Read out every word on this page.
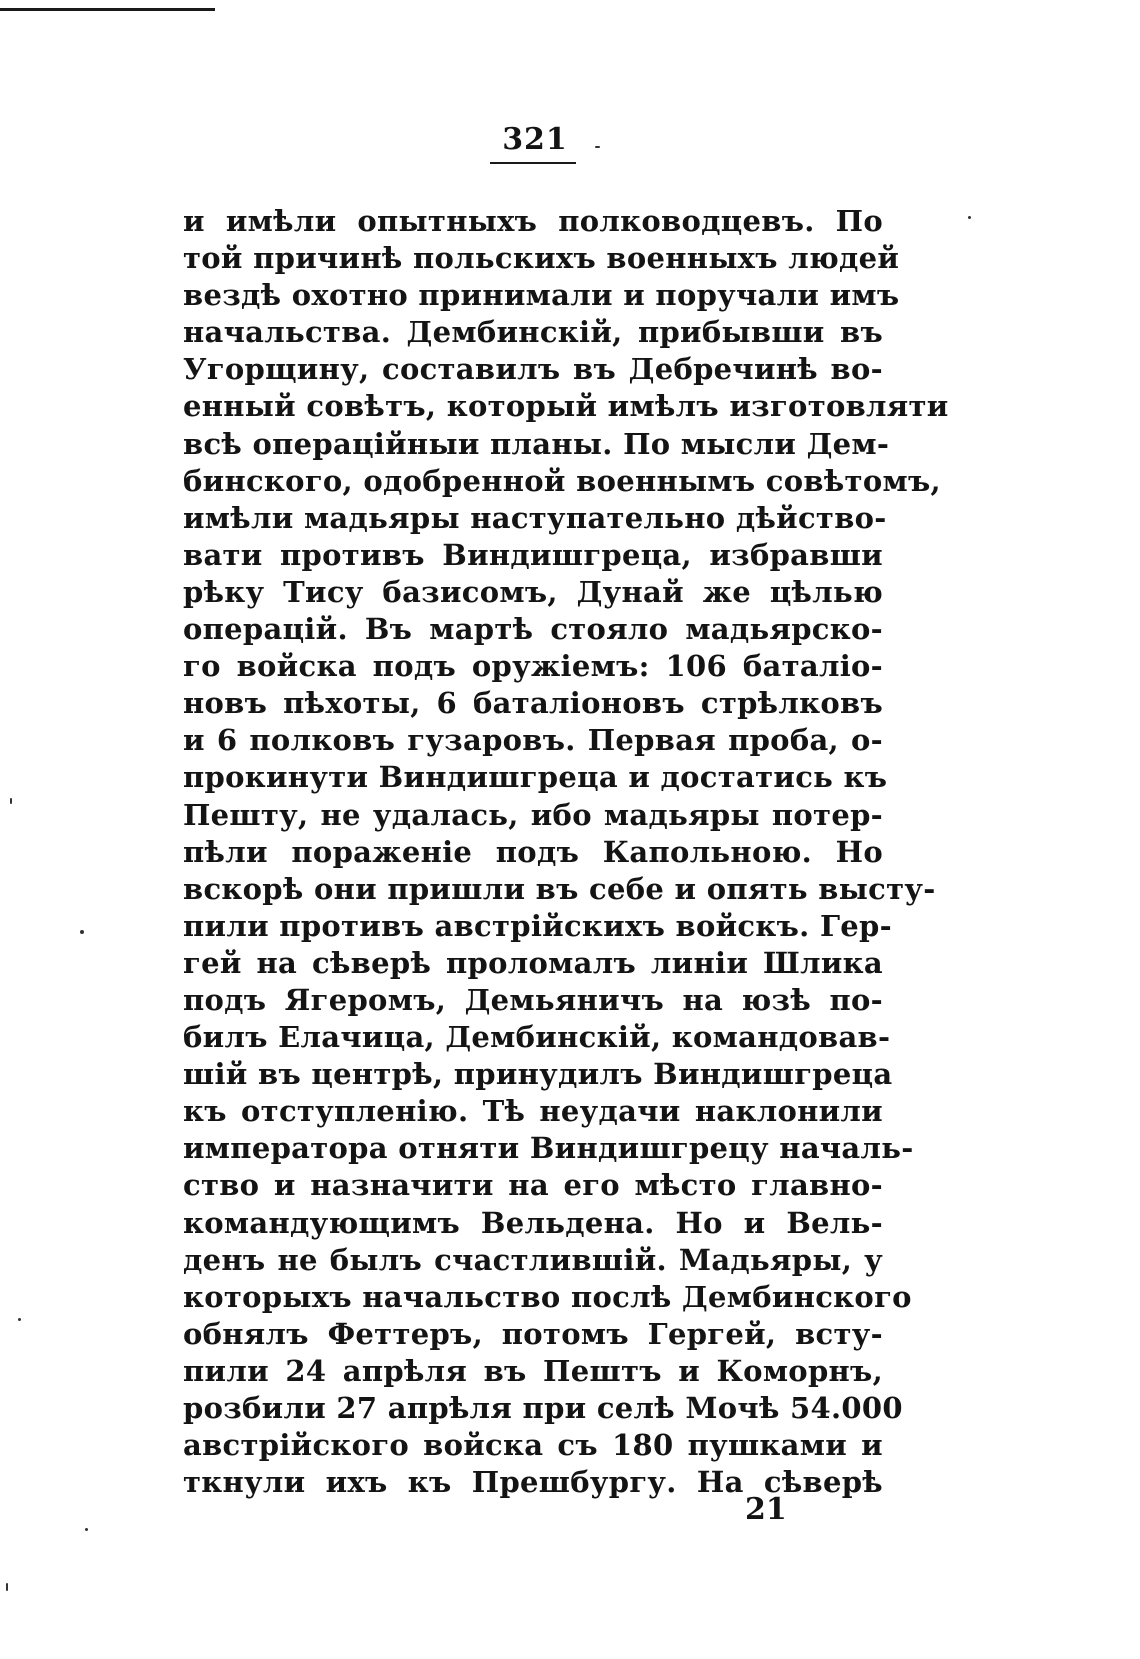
321
и имѣли опытныхъ полководцевъ. По
той причинѣ польскихъ военныхъ людей
вездѣ охотно принимали и поручали имъ
начальства. Дембинскій, прибывши въ
Угорщину, составилъ въ Дебречинѣ во-
енный совѣтъ, который имѣлъ изготовляти
всѣ операційныи планы. По мысли Дем-
бинского, одобренной военнымъ совѣтомъ,
имѣли мадьяры наступательно дѣйство-
вати противъ Виндишгреца, избравши
рѣку Тису базисомъ, Дунай же цѣлью
операцій. Въ мартѣ стояло мадьярско-
го войска подъ оружіемъ: 106 баталіо-
новъ пѣхоты, 6 баталіоновъ стрѣлковъ
и 6 полковъ гузаровъ. Первая проба, о-
прокинути Виндишгреца и достатись къ
Пешту, не удалась, ибо мадьяры потер-
пѣли пораженіе подъ Капольною. Но
вскорѣ они пришли въ себе и опять высту-
пили противъ австрійскихъ войскъ. Гер-
гей на сѣверѣ проломалъ линіи Шлика
подъ Ягеромъ, Демьяничъ на юзѣ по-
билъ Елачица, Дембинскій, командовав-
шій въ центрѣ, принудилъ Виндишгреца
къ отступленію. Тѣ неудачи наклонили
императора отняти Виндишгрецу началь-
ство и назначити на его мѣсто главно-
командующимъ Вельдена. Но и Вель-
денъ не былъ счастлившій. Мадьяры, у
которыхъ начальство послѣ Дембинского
обнялъ Феттеръ, потомъ Гергей, всту-
пили 24 апрѣля въ Пештъ и Коморнъ,
розбили 27 апрѣля при селѣ Мочѣ 54.000
австрійского войска съ 180 пушками и
ткнули ихъ къ Прешбургу. На сѣверѣ
21
